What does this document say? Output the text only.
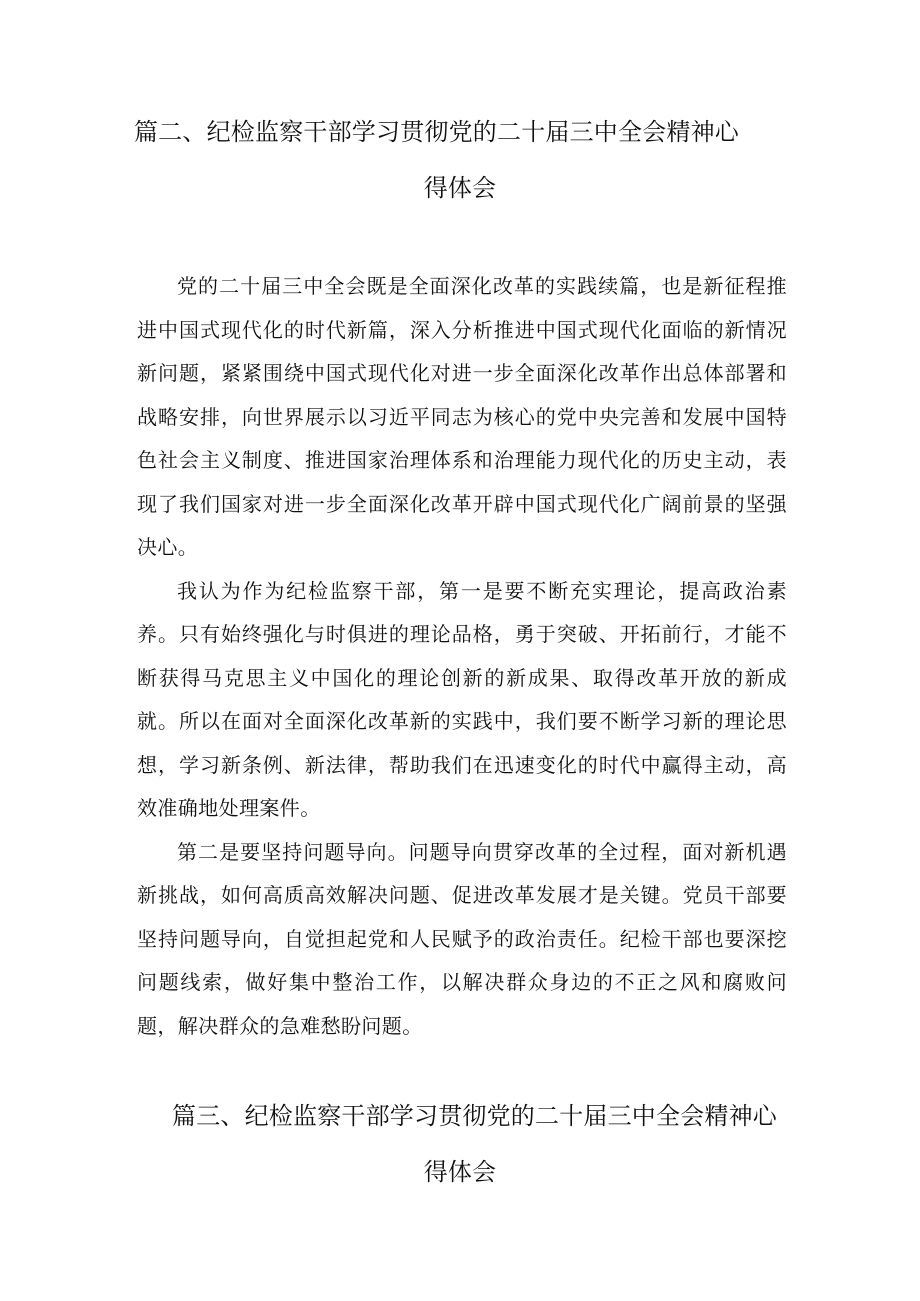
篇二、纪检监察干部学习贯彻党的二十届三中全会精神心
得体会

党的二十届三中全会既是全面深化改革的实践续篇，也是新征程推进中国式现代化的时代新篇，深入分析推进中国式现代化面临的新情况新问题，紧紧围绕中国式现代化对进一步全面深化改革作出总体部署和战略安排，向世界展示以习近平同志为核心的党中央完善和发展中国特色社会主义制度、推进国家治理体系和治理能力现代化的历史主动，表现了我们国家对进一步全面深化改革开辟中国式现代化广阔前景的坚强决心。

我认为作为纪检监察干部，第一是要不断充实理论，提高政治素养。只有始终强化与时俱进的理论品格，勇于突破、开拓前行，才能不断获得马克思主义中国化的理论创新的新成果、取得改革开放的新成就。所以在面对全面深化改革新的实践中，我们要不断学习新的理论思想，学习新条例、新法律，帮助我们在迅速变化的时代中赢得主动，高效准确地处理案件。

第二是要坚持问题导向。问题导向贯穿改革的全过程，面对新机遇新挑战，如何高质高效解决问题、促进改革发展才是关键。党员干部要坚持问题导向，自觉担起党和人民赋予的政治责任。纪检干部也要深挖问题线索，做好集中整治工作，以解决群众身边的不正之风和腐败问题，解决群众的急难愁盼问题。

篇三、纪检监察干部学习贯彻党的二十届三中全会精神心
得体会
